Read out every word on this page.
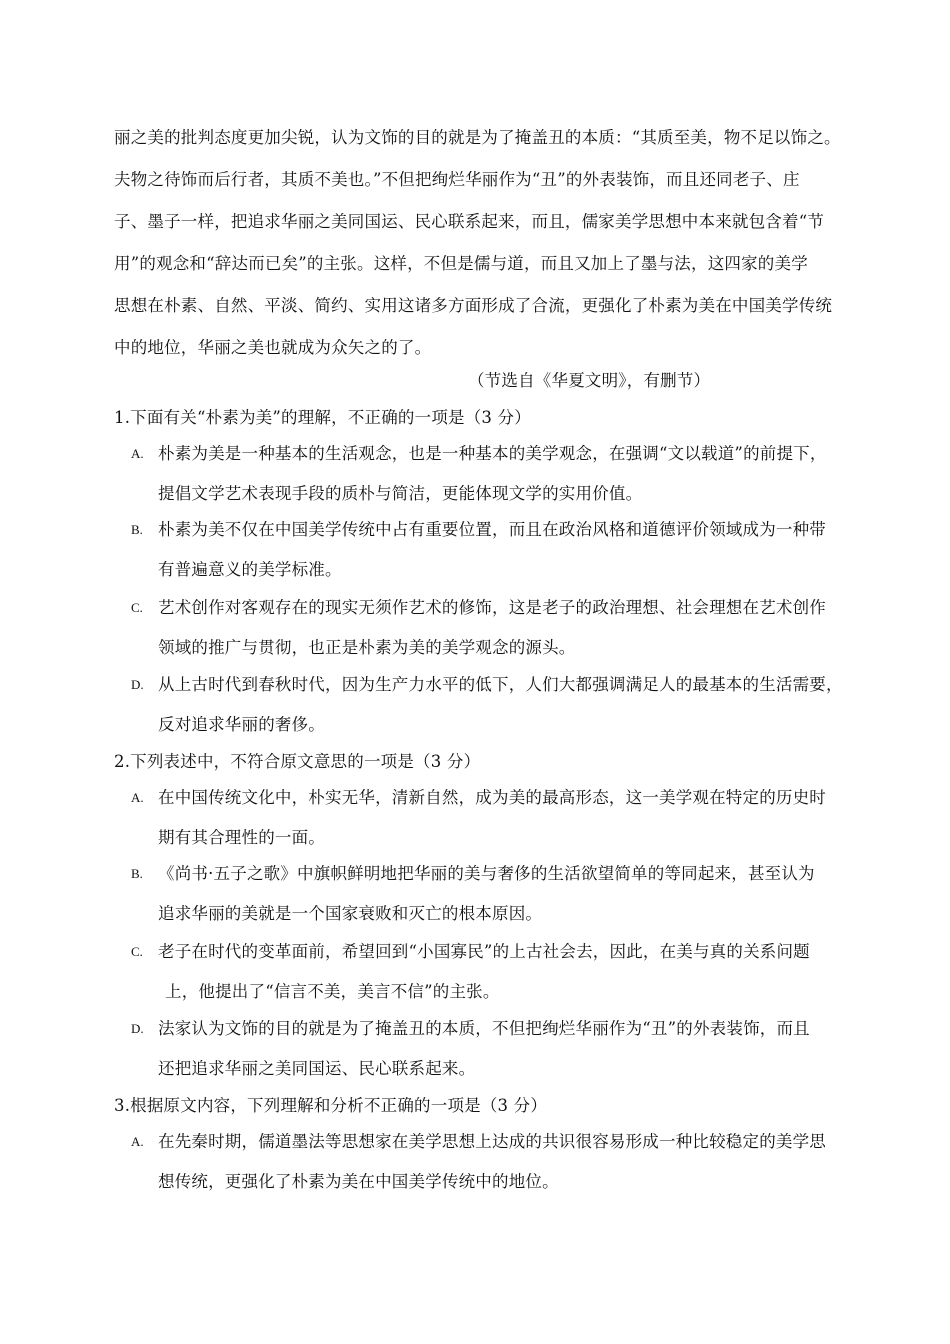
丽之美的批判态度更加尖锐，认为文饰的目的就是为了掩盖丑的本质：“其质至美，物不足以饰之。
夫物之待饰而后行者，其质不美也。”不但把绚烂华丽作为“丑”的外表装饰，而且还同老子、庄
子、墨子一样，把追求华丽之美同国运、民心联系起来，而且，儒家美学思想中本来就包含着“节
用”的观念和“辞达而已矣”的主张。这样，不但是儒与道，而且又加上了墨与法，这四家的美学
思想在朴素、自然、平淡、简约、实用这诸多方面形成了合流，更强化了朴素为美在中国美学传统
中的地位，华丽之美也就成为众矢之的了。
（节选自《华夏文明》，有删节）
1.下面有关“朴素为美”的理解，不正确的一项是（3 分）
A. 朴素为美是一种基本的生活观念，也是一种基本的美学观念，在强调“文以载道”的前提下，
提倡文学艺术表现手段的质朴与简洁，更能体现文学的实用价值。
B. 朴素为美不仅在中国美学传统中占有重要位置，而且在政治风格和道德评价领域成为一种带
有普遍意义的美学标准。
C. 艺术创作对客观存在的现实无须作艺术的修饰，这是老子的政治理想、社会理想在艺术创作
领域的推广与贯彻，也正是朴素为美的美学观念的源头。
D. 从上古时代到春秋时代，因为生产力水平的低下，人们大都强调满足人的最基本的生活需要，
反对追求华丽的奢侈。
2.下列表述中，不符合原文意思的一项是（3 分）
A. 在中国传统文化中，朴实无华，清新自然，成为美的最高形态，这一美学观在特定的历史时
期有其合理性的一面。
B. 《尚书·五子之歌》中旗帜鲜明地把华丽的美与奢侈的生活欲望简单的等同起来，甚至认为
追求华丽的美就是一个国家衰败和灭亡的根本原因。
C. 老子在时代的变革面前，希望回到“小国寡民”的上古社会去，因此，在美与真的关系问题
上，他提出了“信言不美，美言不信”的主张。
D. 法家认为文饰的目的就是为了掩盖丑的本质，不但把绚烂华丽作为“丑”的外表装饰，而且
还把追求华丽之美同国运、民心联系起来。
3.根据原文内容，下列理解和分析不正确的一项是（3 分）
A. 在先秦时期，儒道墨法等思想家在美学思想上达成的共识很容易形成一种比较稳定的美学思
想传统，更强化了朴素为美在中国美学传统中的地位。
